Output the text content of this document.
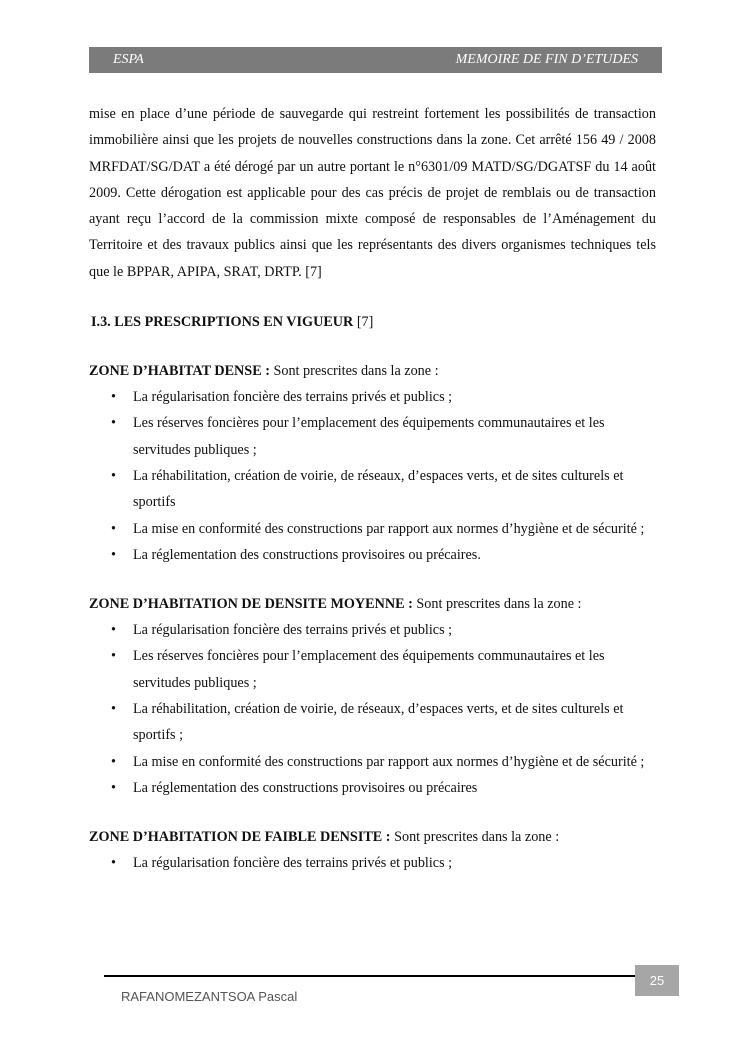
ESPA	MEMOIRE DE FIN D’ETUDES

mise en place d’une période de sauvegarde qui restreint fortement les possibilités de transaction immobilière ainsi que les projets de nouvelles constructions dans la zone. Cet arrêté 156 49 / 2008 MRFDAT/SG/DAT a été dérogé par un autre portant le n°6301/09 MATD/SG/DGATSF du 14 août 2009. Cette dérogation est applicable pour des cas précis de projet de remblais ou de transaction ayant reçu l’accord de la commission mixte composé de responsables de l’Aménagement du Territoire et des travaux publics ainsi que les représentants des divers organismes techniques tels que le BPPAR, APIPA, SRAT, DRTP. [7]

I.3. LES PRESCRIPTIONS EN VIGUEUR [7]
ZONE D’HABITAT DENSE : Sont prescrites dans la zone :
• La régularisation foncière des terrains privés et publics ;
• Les réserves foncières pour l’emplacement des équipements communautaires et les servitudes publiques ;
• La réhabilitation, création de voirie, de réseaux, d’espaces verts, et de sites culturels et sportifs
• La mise en conformité des constructions par rapport aux normes d’hygiène et de sécurité ;
• La réglementation des constructions provisoires ou précaires.
ZONE D’HABITATION DE DENSITE MOYENNE : Sont prescrites dans la zone :
• La régularisation foncière des terrains privés et publics ;
• Les réserves foncières pour l’emplacement des équipements communautaires et les servitudes publiques ;
• La réhabilitation, création de voirie, de réseaux, d’espaces verts, et de sites culturels et sportifs ;
• La mise en conformité des constructions par rapport aux normes d’hygiène et de sécurité ;
• La réglementation des constructions provisoires ou précaires
ZONE D’HABITATION DE FAIBLE DENSITE : Sont prescrites dans la zone :
• La régularisation foncière des terrains privés et publics ;
25
RAFANOMEZANTSOA Pascal
